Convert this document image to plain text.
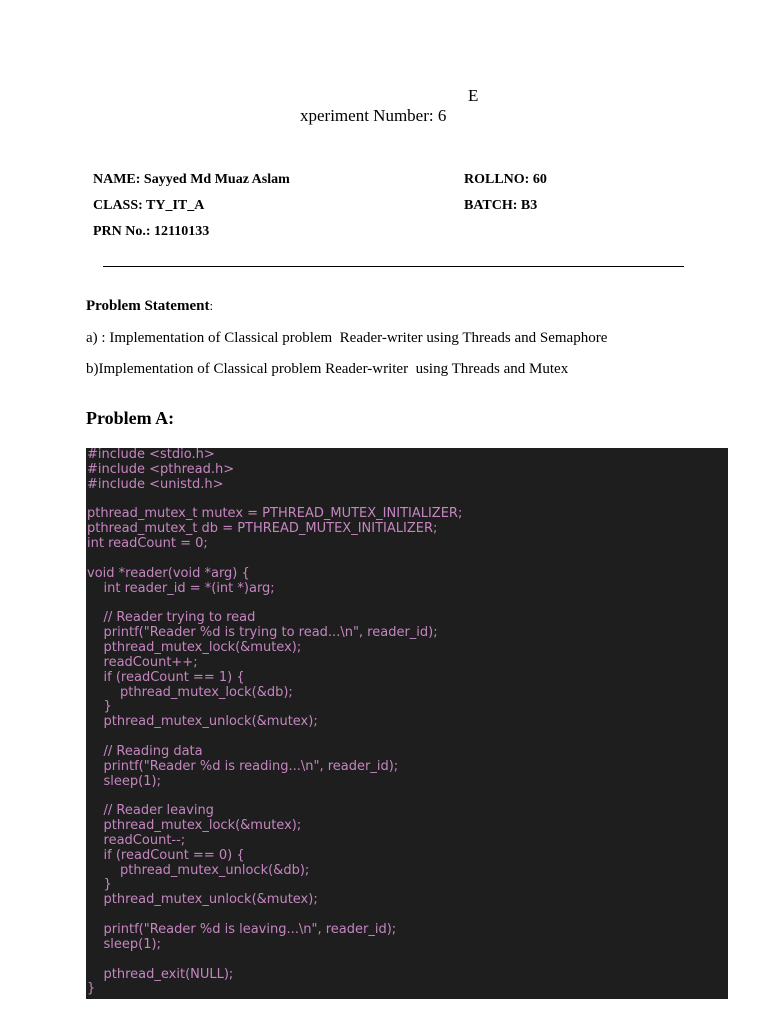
E
xperiment Number: 6
NAME: Sayyed Md Muaz Aslam	ROLLNO: 60
CLASS: TY_IT_A	BATCH: B3
PRN No.: 12110133
Problem Statement:
a) : Implementation of Classical problem  Reader-writer using Threads and Semaphore
b)Implementation of Classical problem Reader-writer  using Threads and Mutex
Problem A:
#include <stdio.h>
#include <pthread.h>
#include <unistd.h>
pthread_mutex_t mutex = PTHREAD_MUTEX_INITIALIZER;
pthread_mutex_t db = PTHREAD_MUTEX_INITIALIZER;
int readCount = 0;
void *reader(void *arg) {
int reader_id = *(int *)arg;
// Reader trying to read
printf("Reader %d is trying to read...\n", reader_id);
pthread_mutex_lock(&mutex);
readCount++;
if (readCount == 1) {
pthread_mutex_lock(&db);
}
pthread_mutex_unlock(&mutex);
// Reading data
printf("Reader %d is reading...\n", reader_id);
sleep(1);
// Reader leaving
pthread_mutex_lock(&mutex);
readCount--;
if (readCount == 0) {
pthread_mutex_unlock(&db);
}
pthread_mutex_unlock(&mutex);
printf("Reader %d is leaving...\n", reader_id);
sleep(1);
pthread_exit(NULL);
}
